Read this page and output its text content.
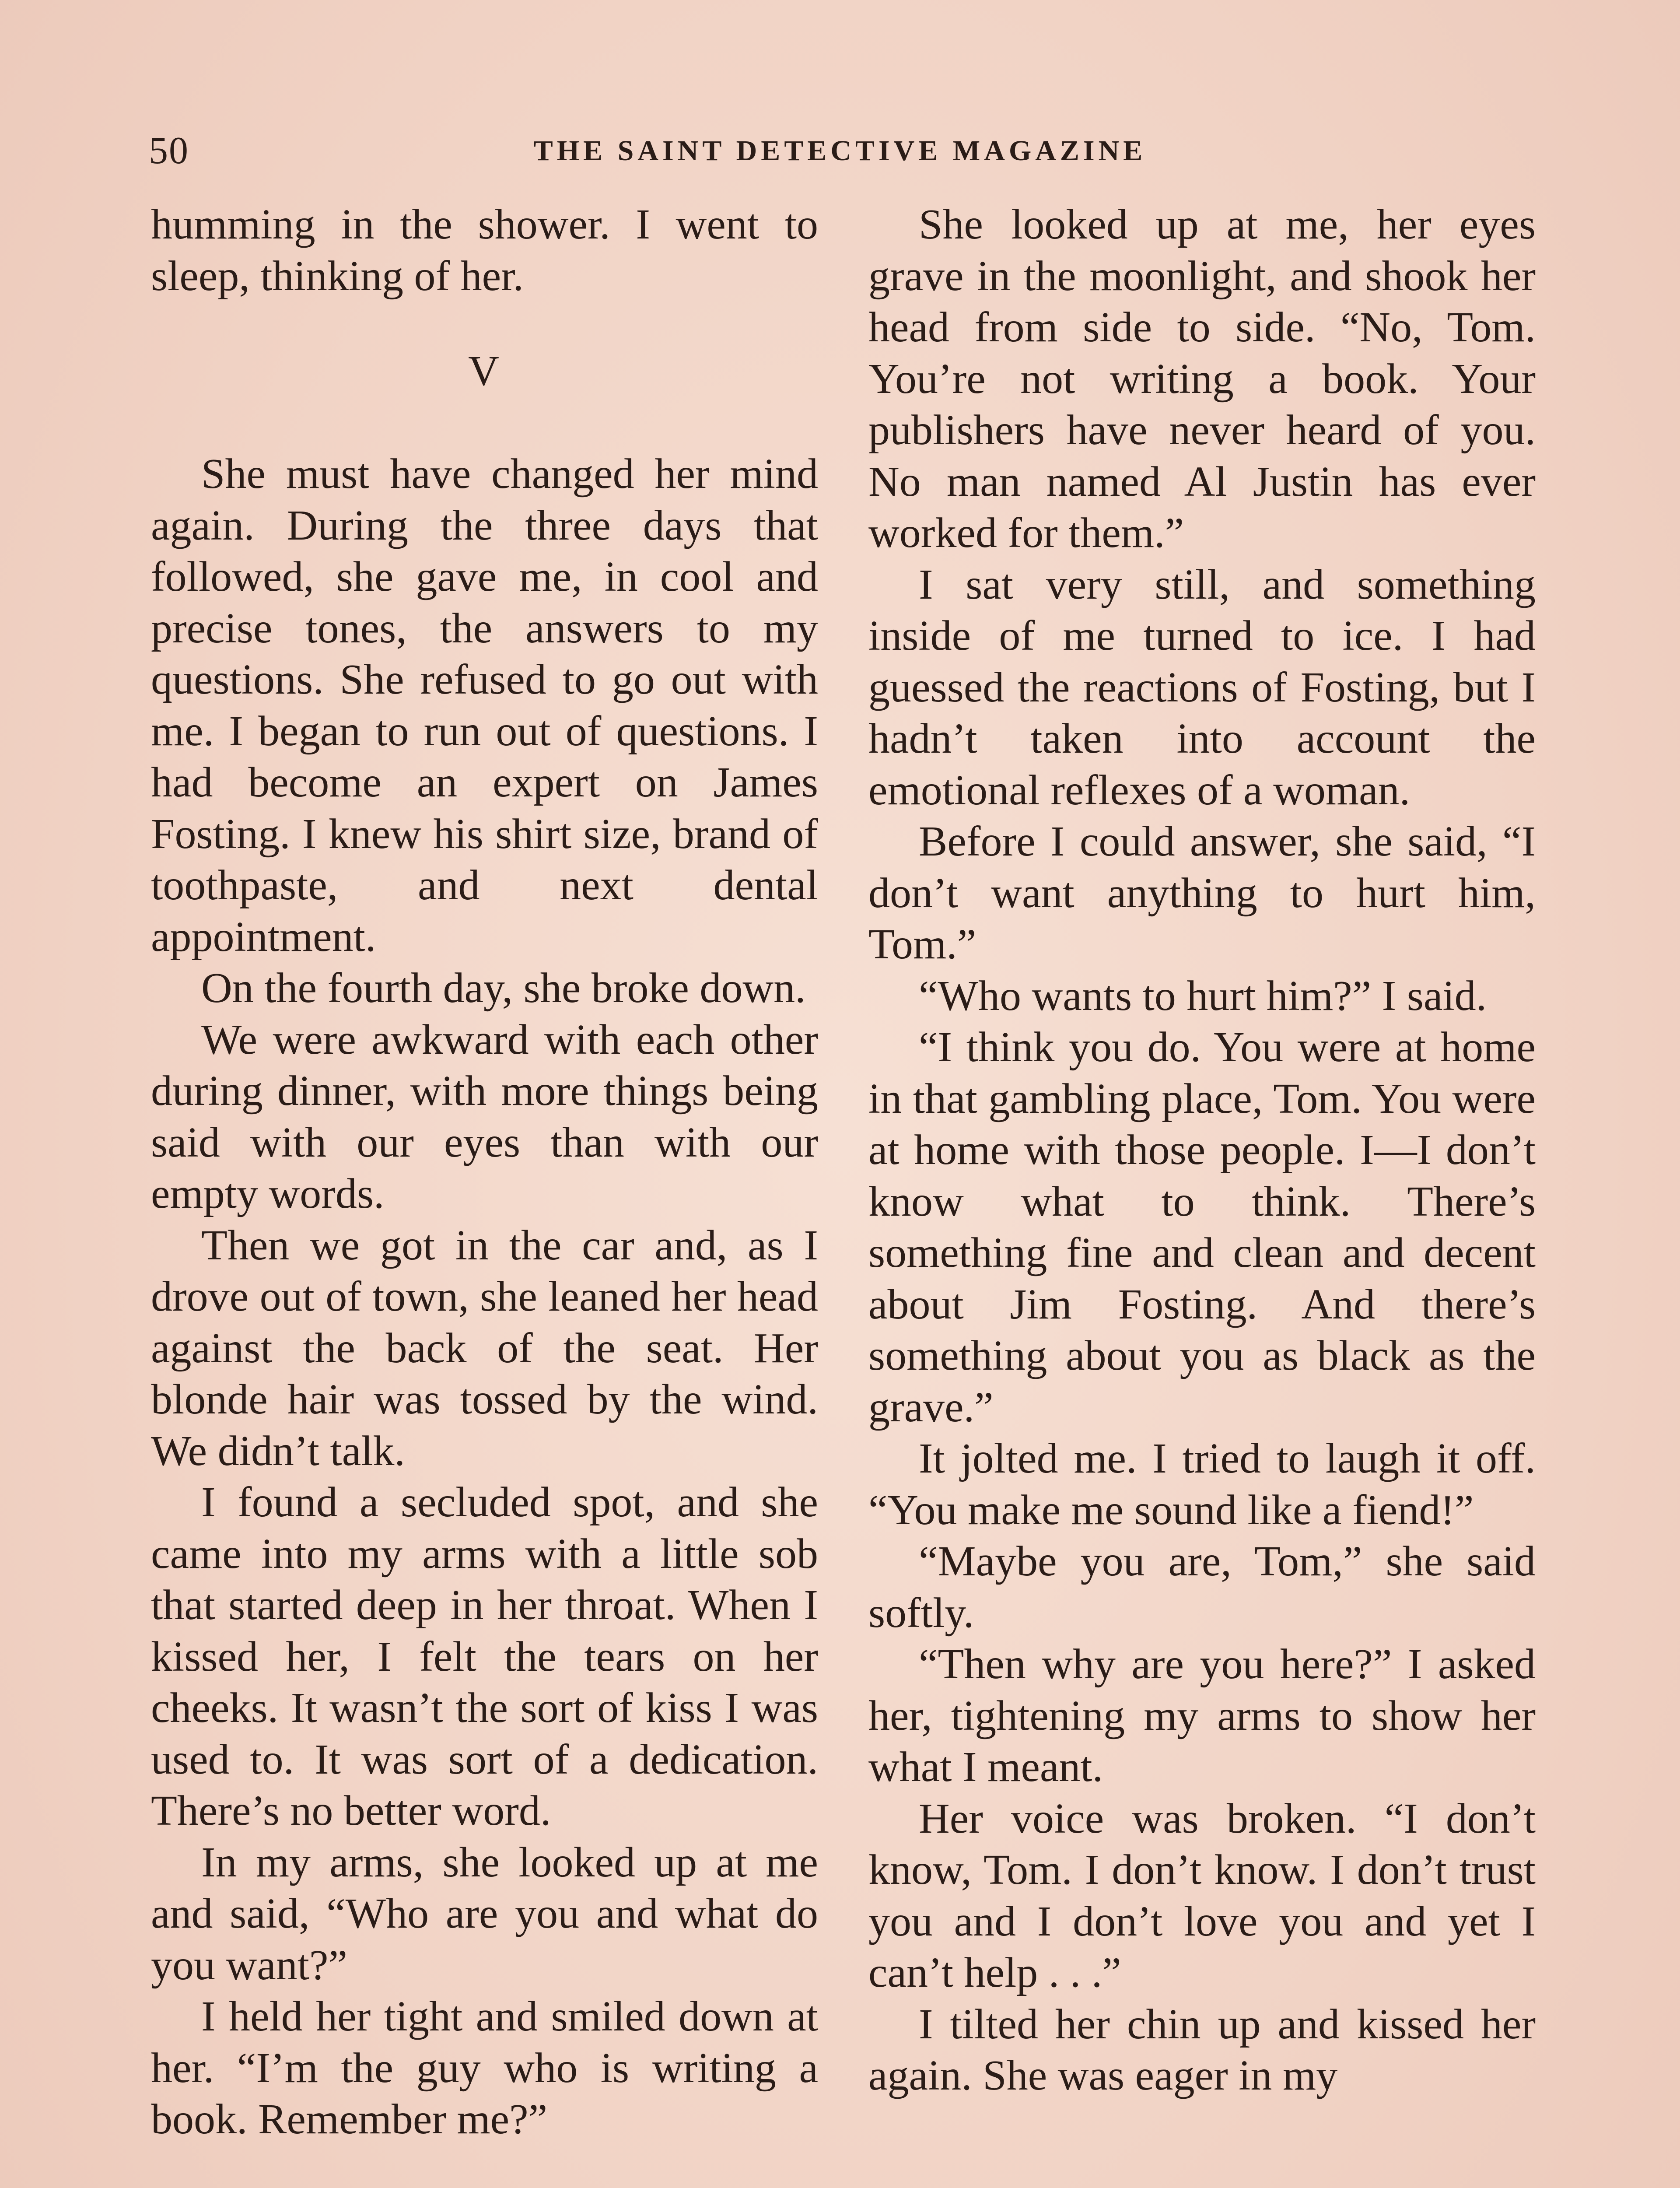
50	THE SAINT DETECTIVE MAGAZINE

humming in the shower. I went to sleep, thinking of her.

V

She must have changed her mind again. During the three days that followed, she gave me, in cool and precise tones, the answers to my questions. She refused to go out with me. I began to run out of questions. I had become an expert on James Fosting. I knew his shirt size, brand of toothpaste, and next dental appointment.

On the fourth day, she broke down.

We were awkward with each other during dinner, with more things being said with our eyes than with our empty words.

Then we got in the car and, as I drove out of town, she leaned her head against the back of the seat. Her blonde hair was tossed by the wind. We didn’t talk.

I found a secluded spot, and she came into my arms with a little sob that started deep in her throat. When I kissed her, I felt the tears on her cheeks. It wasn’t the sort of kiss I was used to. It was sort of a dedication. There’s no better word.

In my arms, she looked up at me and said, “Who are you and what do you want?”

I held her tight and smiled down at her. “I’m the guy who is writing a book. Remember me?”

She looked up at me, her eyes grave in the moonlight, and shook her head from side to side. “No, Tom. You’re not writing a book. Your publishers have never heard of you. No man named Al Justin has ever worked for them.”

I sat very still, and something inside of me turned to ice. I had guessed the reactions of Fosting, but I hadn’t taken into account the emotional reflexes of a woman.

Before I could answer, she said, “I don’t want anything to hurt him, Tom.”

“Who wants to hurt him?” I said.

“I think you do. You were at home in that gambling place, Tom. You were at home with those people. I—I don’t know what to think. There’s something fine and clean and decent about Jim Fosting. And there’s something about you as black as the grave.”

It jolted me. I tried to laugh it off. “You make me sound like a fiend!”

“Maybe you are, Tom,” she said softly.

“Then why are you here?” I asked her, tightening my arms to show her what I meant.

Her voice was broken. “I don’t know, Tom. I don’t know. I don’t trust you and I don’t love you and yet I can’t help . . .”

I tilted her chin up and kissed her again. She was eager in my
